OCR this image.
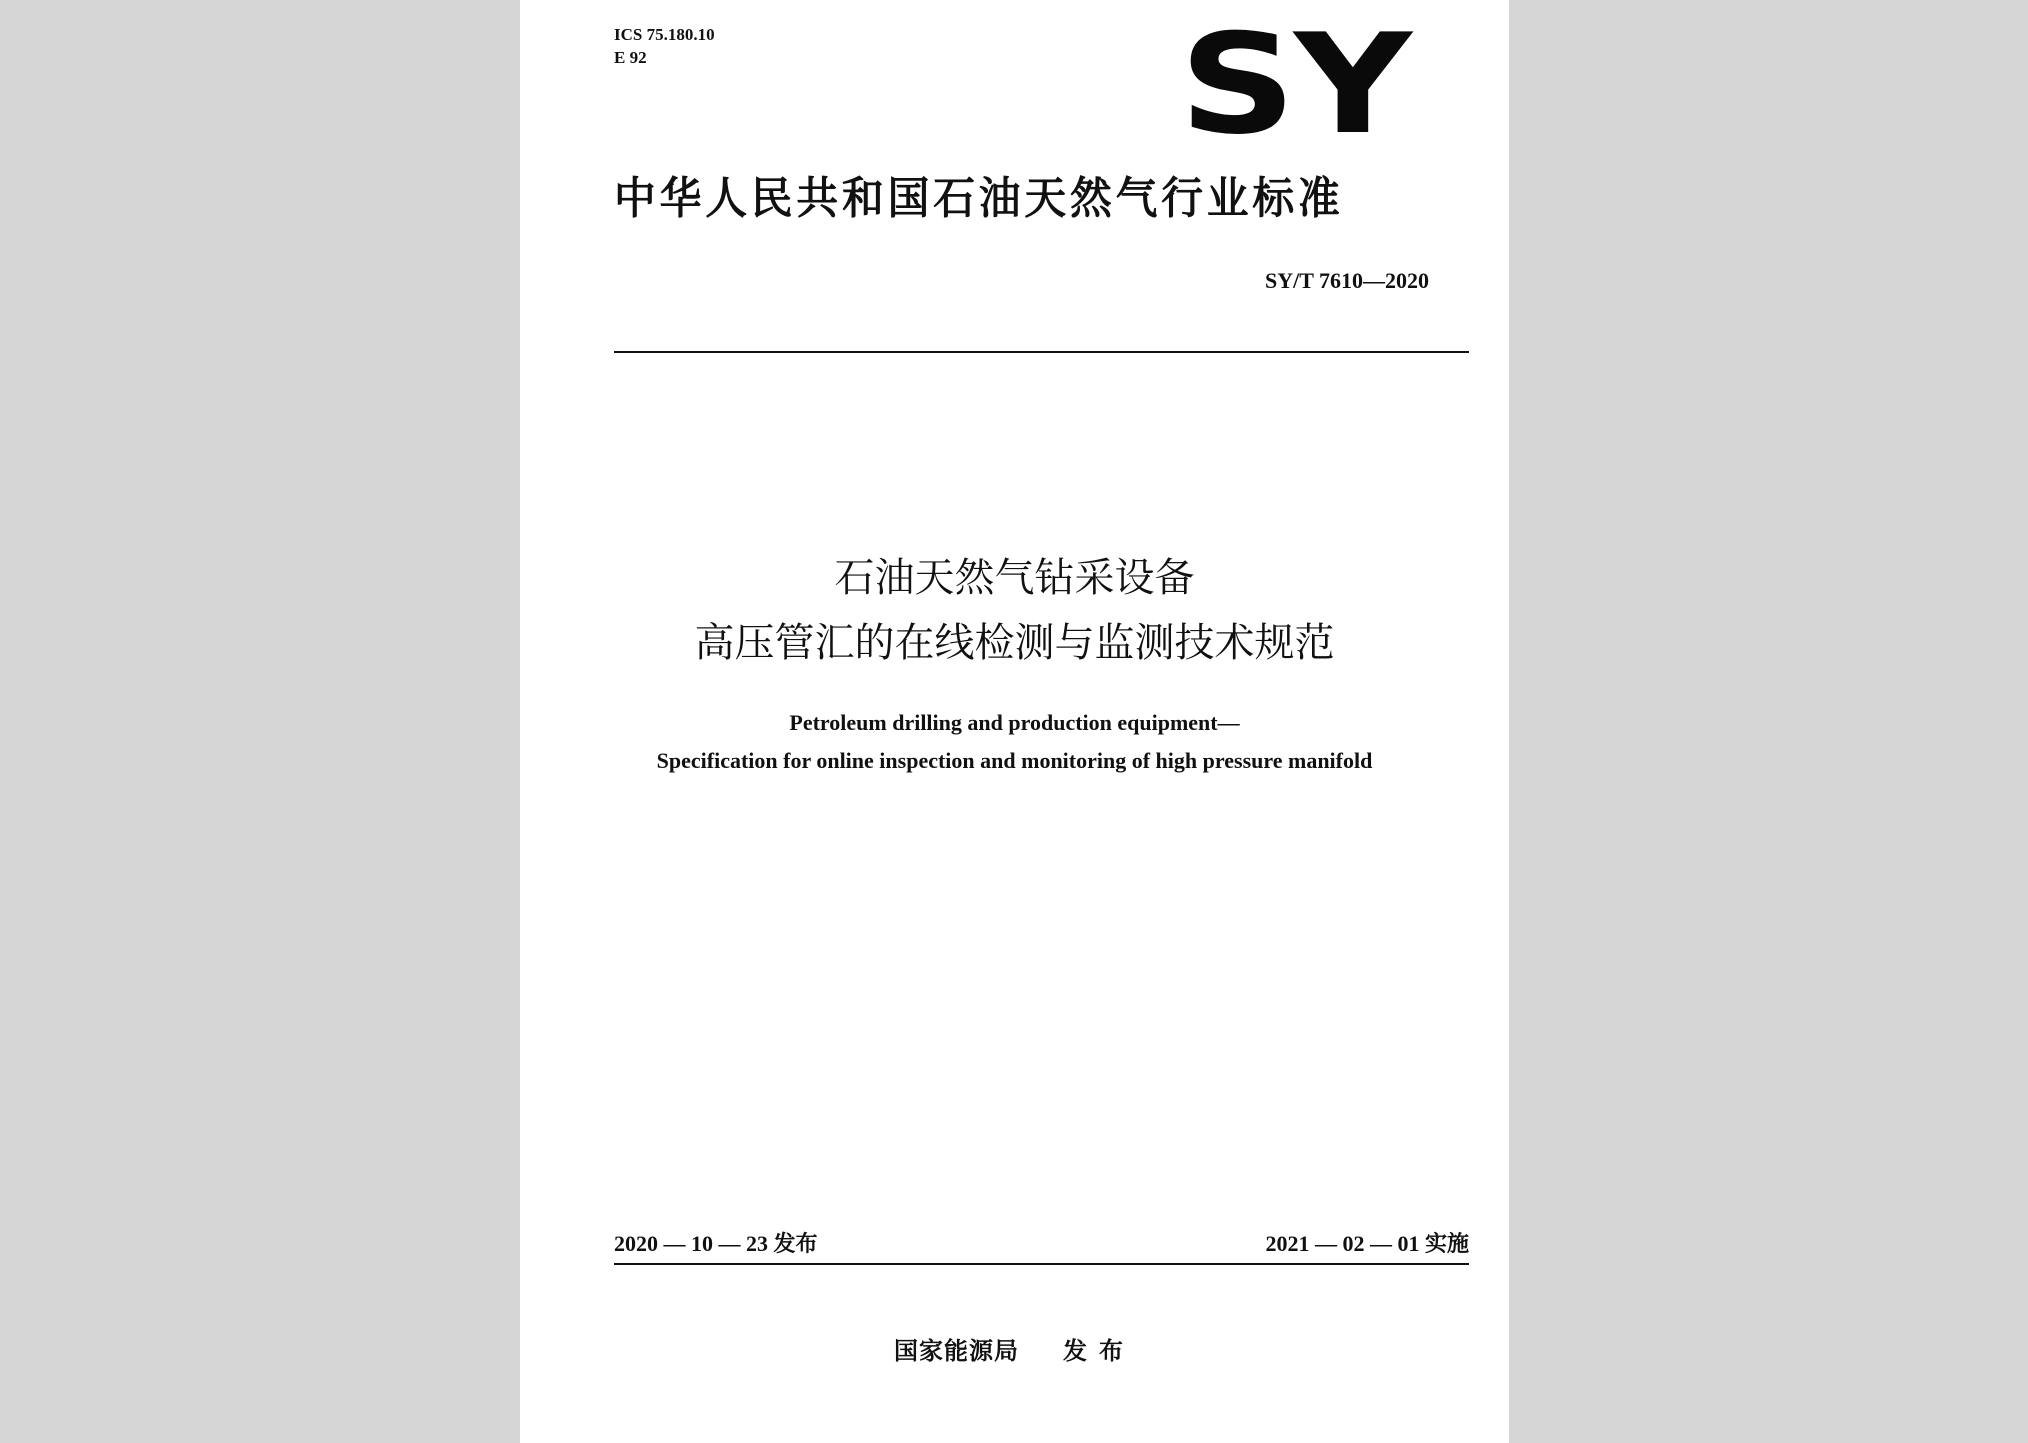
ICS 75.180.10
E 92	SY
中华人民共和国石油天然气行业标准
SY/T 7610—2020
石油天然气钻采设备
高压管汇的在线检测与监测技术规范
Petroleum drilling and production equipment—
Specification for online inspection and monitoring of high pressure manifold
2020 — 10 — 23 发布	2021 — 02 — 01 实施
国家能源局 发布
